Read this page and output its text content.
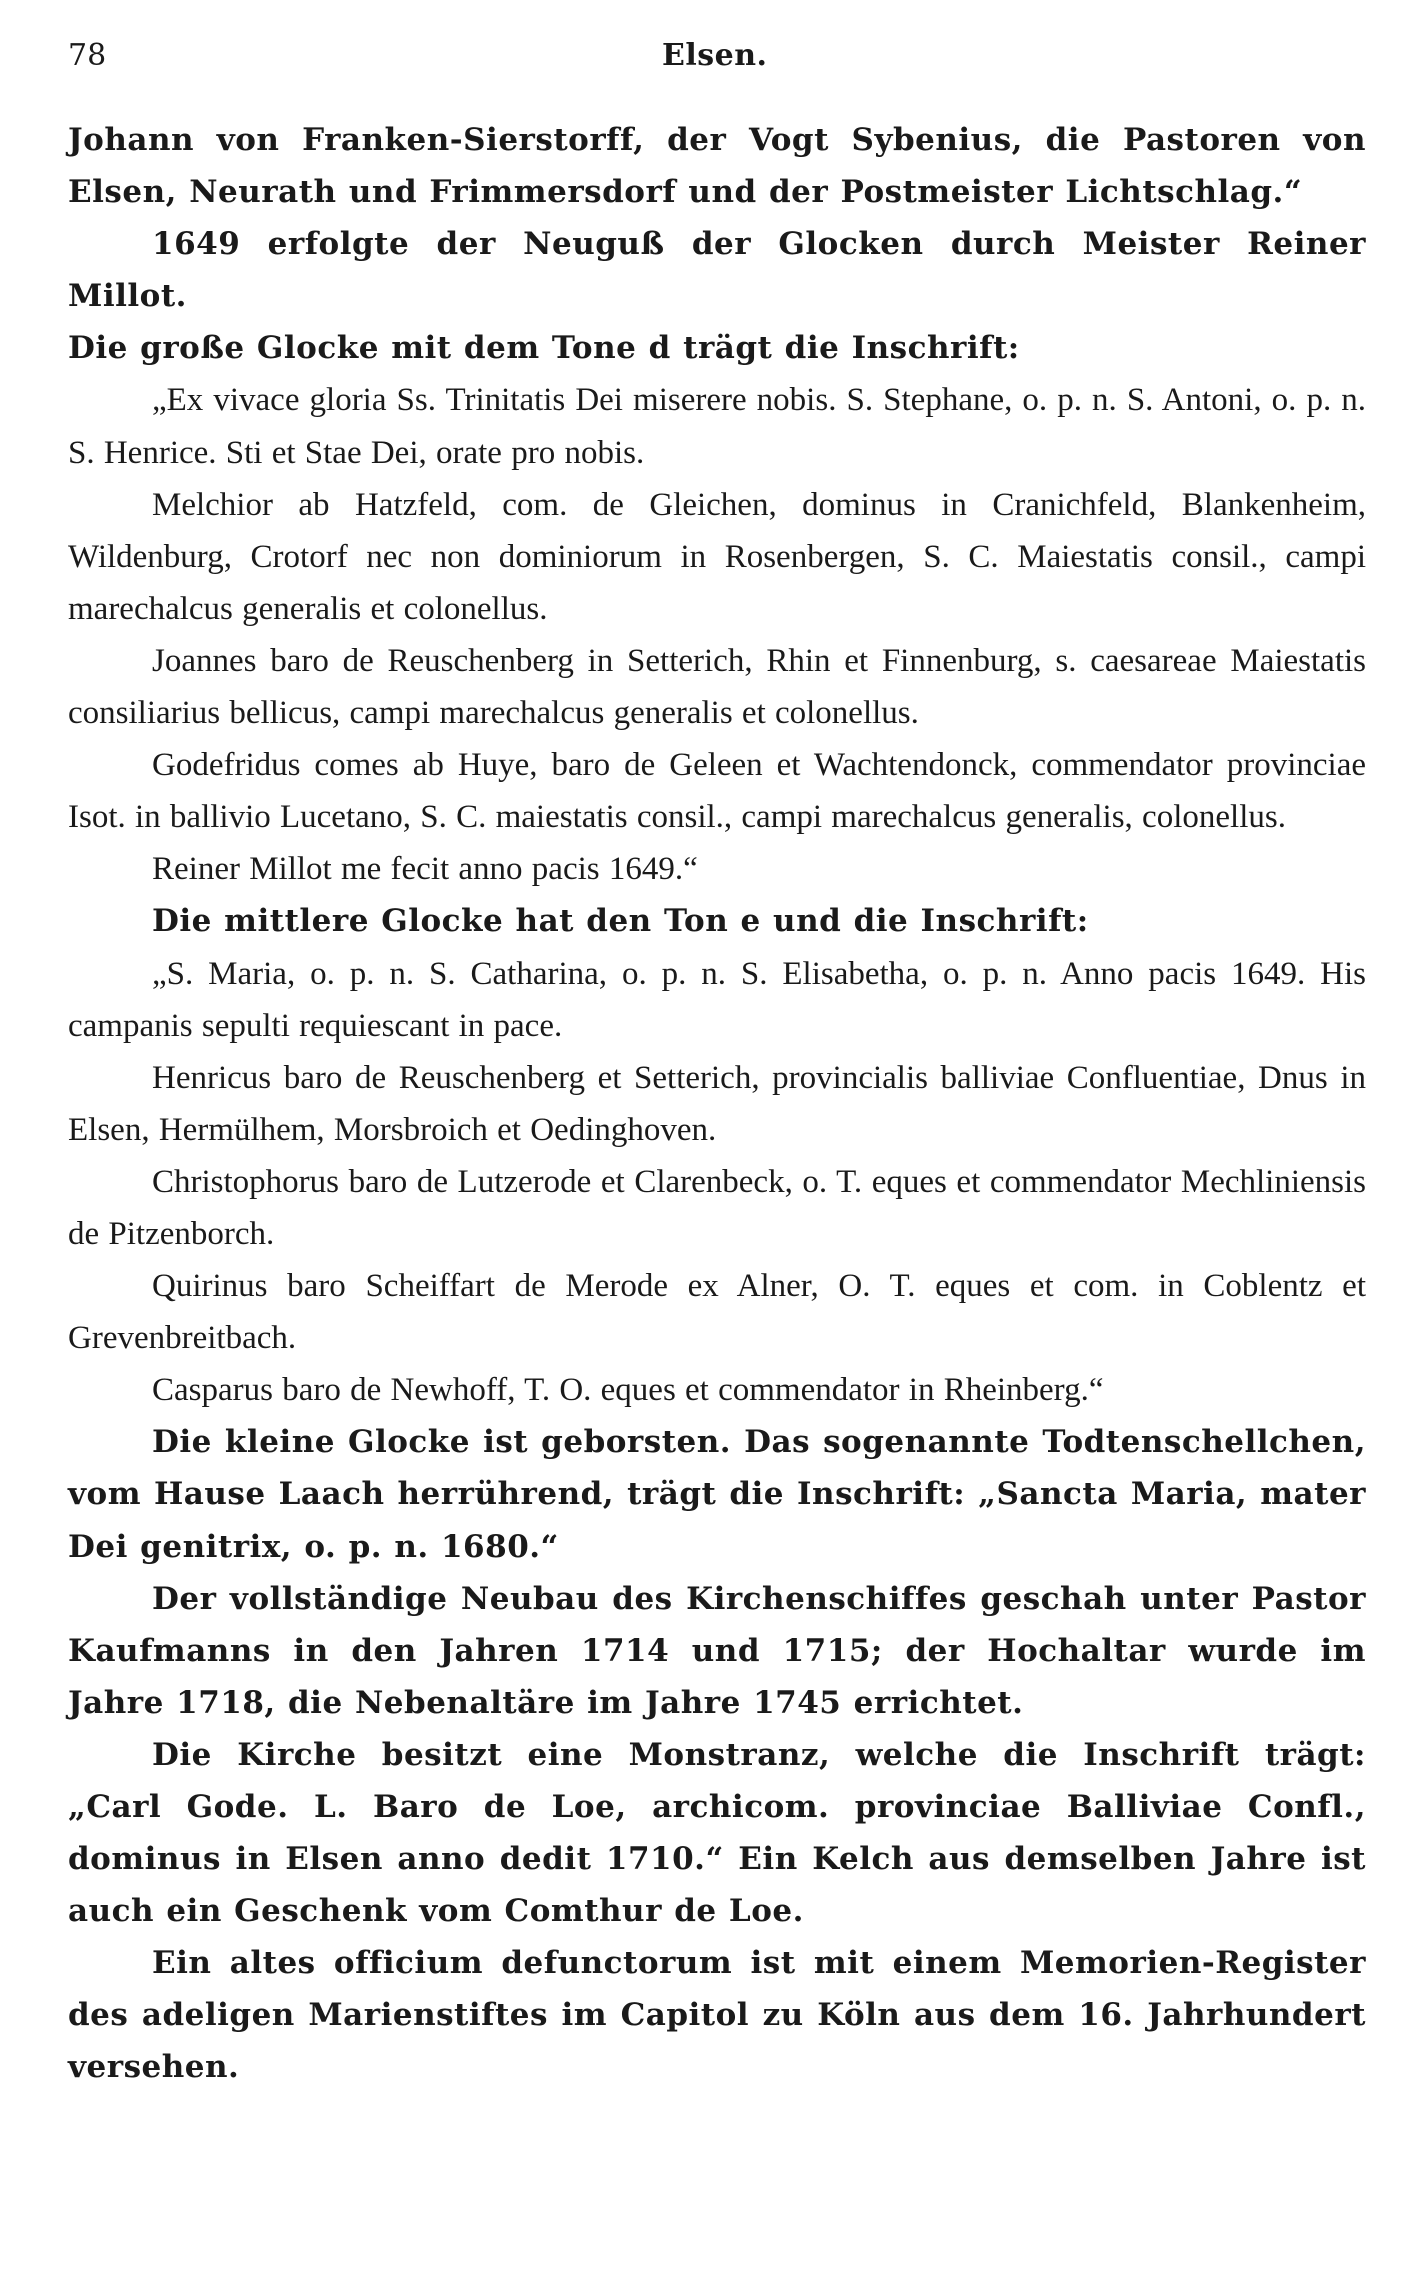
78	Elsen.

Johann von Franken-Sierstorff, der Vogt Sybenius, die Pastoren von Elsen, Neurath und Frimmersdorf und der Postmeister Lichtschlag.“

1649 erfolgte der Neuguß der Glocken durch Meister Reiner Millot.

Die große Glocke mit dem Tone d trägt die Inschrift:

„Ex vivace gloria Ss. Trinitatis Dei miserere nobis. S. Stephane, o. p. n. S. Antoni, o. p. n. S. Henrice. Sti et Stae Dei, orate pro nobis.

Melchior ab Hatzfeld, com. de Gleichen, dominus in Cranichfeld, Blankenheim, Wildenburg, Crotorf nec non dominiorum in Rosenbergen, S. C. Maiestatis consil., campi marechalcus generalis et colonellus.

Joannes baro de Reuschenberg in Setterich, Rhin et Finnenburg, s. caesareae Maiestatis consiliarius bellicus, campi marechalcus generalis et colonellus.

Godefridus comes ab Huye, baro de Geleen et Wachtendonck, commendator provinciae Isot. in ballivio Lucetano, S. C. maiestatis consil., campi marechalcus generalis, colonellus.

Reiner Millot me fecit anno pacis 1649.“

Die mittlere Glocke hat den Ton e und die Inschrift:

„S. Maria, o. p. n. S. Catharina, o. p. n. S. Elisabetha, o. p. n. Anno pacis 1649. His campanis sepulti requiescant in pace.

Henricus baro de Reuschenberg et Setterich, provincialis balliviae Confluentiae, Dnus in Elsen, Hermülhem, Morsbroich et Oedinghoven.

Christophorus baro de Lutzerode et Clarenbeck, o. T. eques et commendator Mechliniensis de Pitzenborch.

Quirinus baro Scheiffart de Merode ex Alner, O. T. eques et com. in Coblentz et Grevenbreitbach.

Casparus baro de Newhoff, T. O. eques et commendator in Rheinberg.“

Die kleine Glocke ist geborsten. Das sogenannte Todtenschellchen, vom Hause Laach herrührend, trägt die Inschrift: „Sancta Maria, mater Dei genitrix, o. p. n. 1680.“

Der vollständige Neubau des Kirchenschiffes geschah unter Pastor Kaufmanns in den Jahren 1714 und 1715; der Hochaltar wurde im Jahre 1718, die Nebenaltäre im Jahre 1745 errichtet.

Die Kirche besitzt eine Monstranz, welche die Inschrift trägt: „Carl Gode. L. Baro de Loe, archicom. provinciae Balliviae Confl., dominus in Elsen anno dedit 1710.“ Ein Kelch aus demselben Jahre ist auch ein Geschenk vom Comthur de Loe.

Ein altes officium defunctorum ist mit einem Memorien-Register des adeligen Marienstiftes im Capitol zu Köln aus dem 16. Jahrhundert versehen.
